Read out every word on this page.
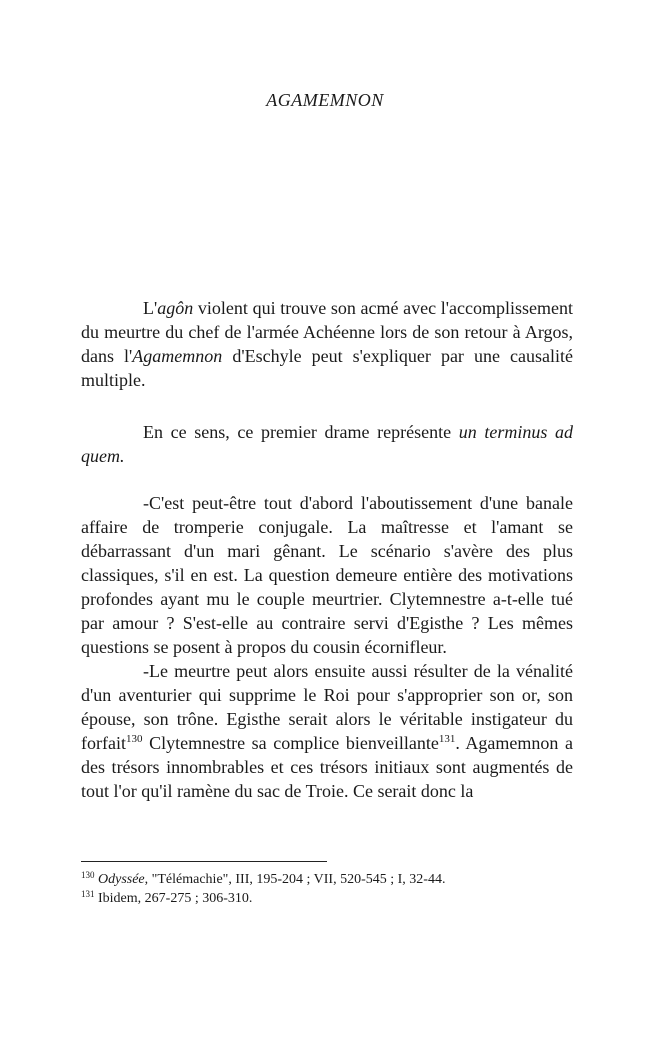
AGAMEMNON

L'agôn violent qui trouve son acmé avec l'accomplissement du meurtre du chef de l'armée Achéenne lors de son retour à Argos, dans l'Agamemnon d'Eschyle peut s'expliquer par une causalité multiple.

En ce sens, ce premier drame représente un terminus ad quem.

-C'est peut-être tout d'abord l'aboutissement d'une banale affaire de tromperie conjugale. La maîtresse et l'amant se débarrassant d'un mari gênant. Le scénario s'avère des plus classiques, s'il en est. La question demeure entière des motivations profondes ayant mu le couple meurtrier. Clytemnestre a-t-elle tué par amour ? S'est-elle au contraire servi d'Egisthe ? Les mêmes questions se posent à propos du cousin écornifleur.

-Le meurtre peut alors ensuite aussi résulter de la vénalité d'un aventurier qui supprime le Roi pour s'approprier son or, son épouse, son trône. Egisthe serait alors le véritable instigateur du forfait$^{130}$ Clytemnestre sa complice bienveillante$^{131}$. Agamemnon a des trésors innombrables et ces trésors initiaux sont augmentés de tout l'or qu'il ramène du sac de Troie. Ce serait donc la

$^{130}$ Odyssée, "Télémachie", III, 195-204 ; VII, 520-545 ; I, 32-44.
$^{131}$ Ibidem, 267-275 ; 306-310.
